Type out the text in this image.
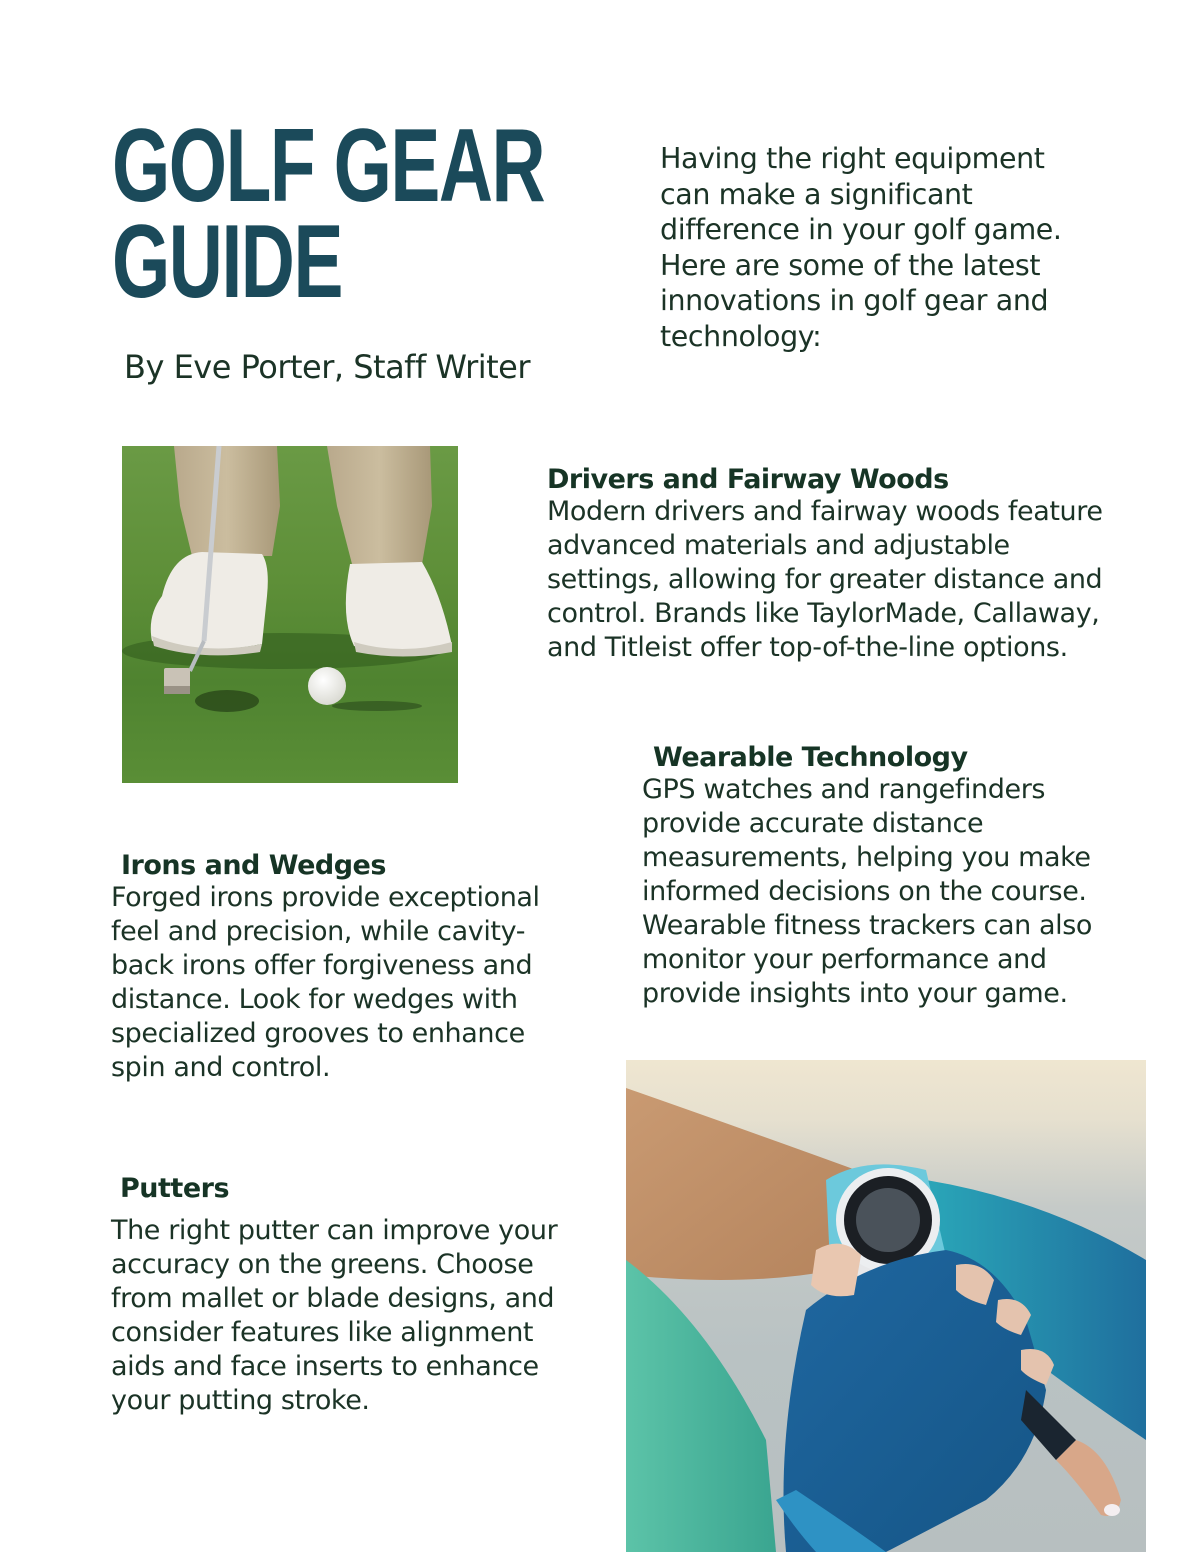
GOLF GEAR
GUIDE
By Eve Porter, Staff Writer
Having the right equipment
can make a significant
difference in your golf game.
Here are some of the latest
innovations in golf gear and
technology:
Drivers and Fairway Woods
Modern drivers and fairway woods feature
advanced materials and adjustable
settings, allowing for greater distance and
control. Brands like TaylorMade, Callaway,
and Titleist offer top-of-the-line options.
Wearable Technology
GPS watches and rangefinders
provide accurate distance
measurements, helping you make
informed decisions on the course.
Wearable fitness trackers can also
monitor your performance and
provide insights into your game.
Irons and Wedges
Forged irons provide exceptional
feel and precision, while cavity-
back irons offer forgiveness and
distance. Look for wedges with
specialized grooves to enhance
spin and control.
Putters
The right putter can improve your
accuracy on the greens. Choose
from mallet or blade designs, and
consider features like alignment
aids and face inserts to enhance
your putting stroke.
